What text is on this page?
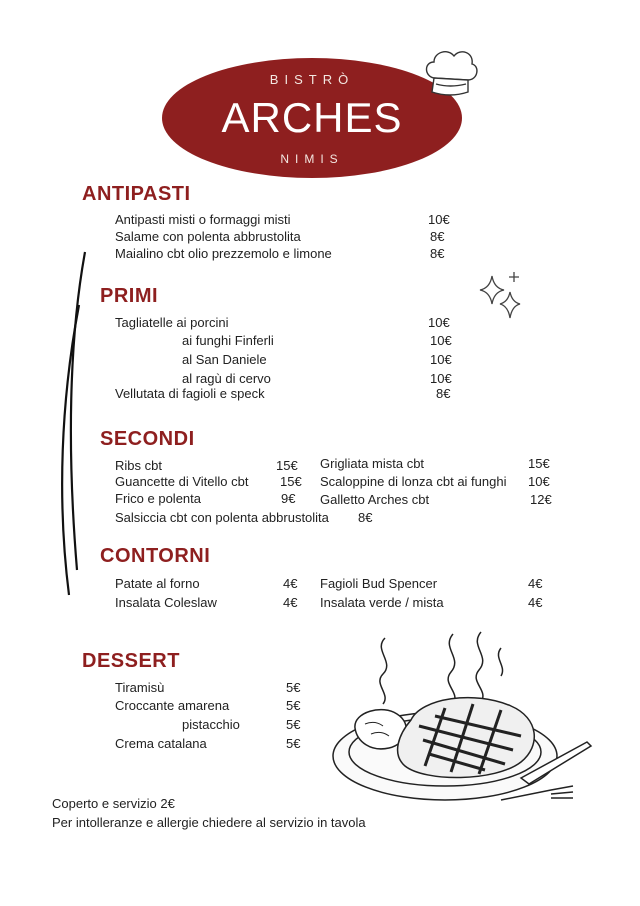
BISTRÒ
ARCHES
NIMIS
ANTIPASTI
Antipasti misti o formaggi misti	10€
Salame con polenta abbrustolita	8€
Maialino cbt olio prezzemolo e limone	8€
PRIMI
Tagliatelle ai porcini	10€
ai funghi Finferli	10€
al San Daniele	10€
al ragù di cervo	10€
Vellutata di fagioli e speck	8€
SECONDI
Ribs cbt	15€
Guancette di Vitello cbt 15€
Frico e polenta	9€
Grigliata mista cbt	15€
Scaloppine di lonza cbt ai funghi 10€
Galletto Arches cbt	12€
Salsiccia cbt con polenta abbrustolita 8€
CONTORNI
Patate al forno	4€
Insalata Coleslaw	4€
Fagioli Bud Spencer	4€
Insalata verde / mista	4€
DESSERT
Tiramisù	5€
Croccante amarena	5€
pistacchio	5€
Crema catalana	5€
Coperto e servizio 2€
Per intolleranze e allergie chiedere al servizio in tavola
